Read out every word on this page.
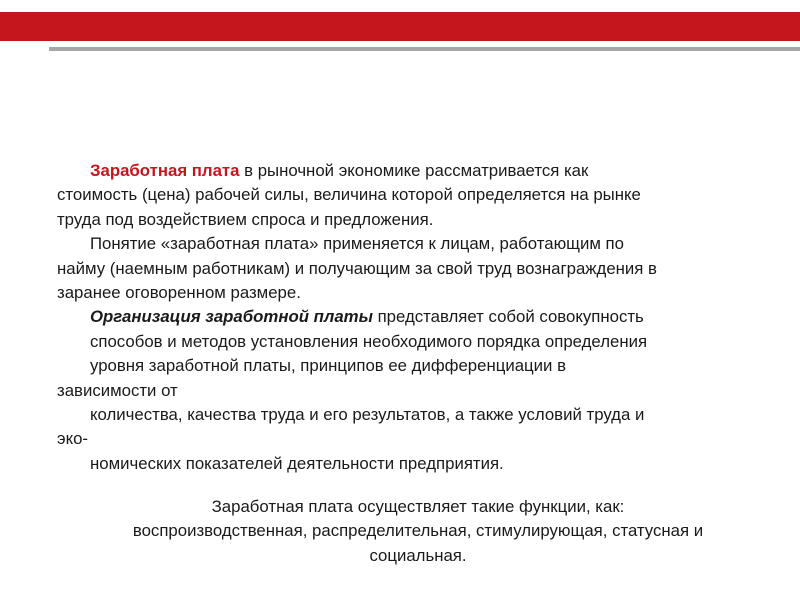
Заработная плата в рыночной экономике рассматривается как
стоимость (цена) рабочей силы, величина которой определяется на рынке
труда под воздействием спроса и предложения.
Понятие «заработная плата» применяется к лицам, работающим по
найму (наемным работникам) и получающим за свой труд вознаграждения в
заранее оговоренном размере.
Организация заработной платы представляет собой совокупность
способов и методов установления необходимого порядка определения
уровня заработной платы, принципов ее дифференциации в
зависимости от
количества, качества труда и его результатов, а также условий труда и
эко-
номических показателей деятельности предприятия.
Заработная плата осуществляет такие функции, как:
воспроизводственная, распределительная, стимулирующая, статусная и
социальная.
